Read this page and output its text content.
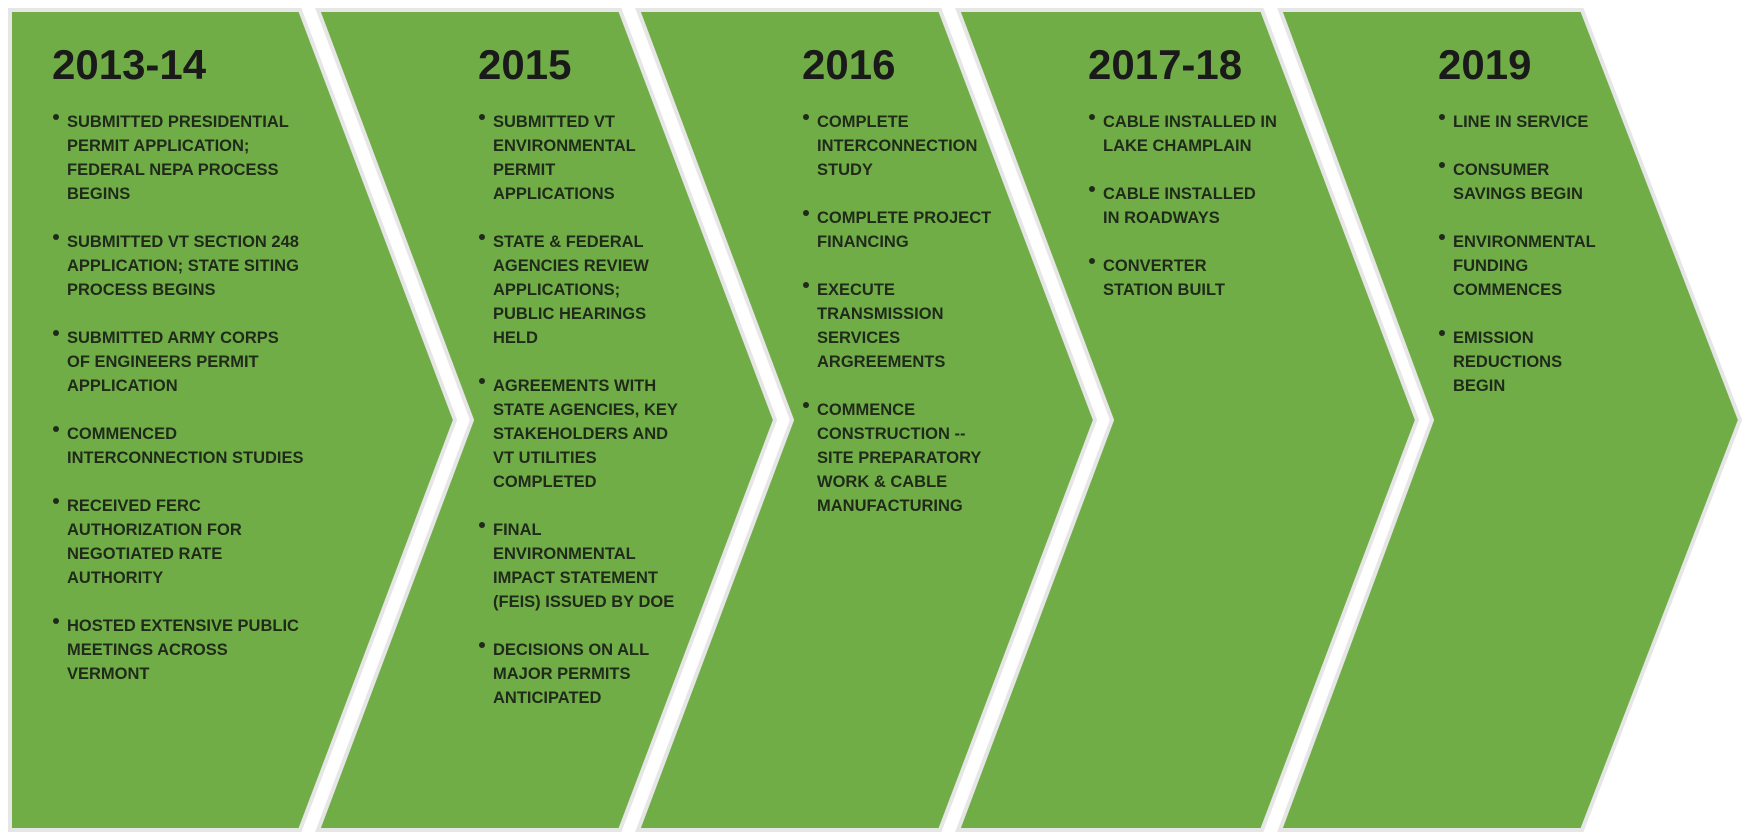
2013-14
SUBMITTED PRESIDENTIAL PERMIT APPLICATION; FEDERAL NEPA PROCESS BEGINS
SUBMITTED VT SECTION 248 APPLICATION; STATE SITING PROCESS BEGINS
SUBMITTED ARMY CORPS OF ENGINEERS PERMIT APPLICATION
COMMENCED INTERCONNECTION STUDIES
RECEIVED FERC AUTHORIZATION FOR NEGOTIATED RATE AUTHORITY
HOSTED EXTENSIVE PUBLIC MEETINGS ACROSS VERMONT
2015
SUBMITTED VT ENVIRONMENTAL PERMIT APPLICATIONS
STATE & FEDERAL AGENCIES REVIEW APPLICATIONS; PUBLIC HEARINGS HELD
AGREEMENTS WITH STATE AGENCIES, KEY STAKEHOLDERS AND VT UTILITIES COMPLETED
FINAL ENVIRONMENTAL IMPACT STATEMENT (FEIS) ISSUED BY DOE
DECISIONS ON ALL MAJOR PERMITS ANTICIPATED
2016
COMPLETE INTERCONNECTION STUDY
COMPLETE PROJECT FINANCING
EXECUTE TRANSMISSION SERVICES ARGREEMENTS
COMMENCE CONSTRUCTION -- SITE PREPARATORY WORK & CABLE MANUFACTURING
2017-18
CABLE INSTALLED IN LAKE CHAMPLAIN
CABLE INSTALLED IN ROADWAYS
CONVERTER STATION BUILT
2019
LINE IN SERVICE
CONSUMER SAVINGS BEGIN
ENVIRONMENTAL FUNDING COMMENCES
EMISSION REDUCTIONS BEGIN
